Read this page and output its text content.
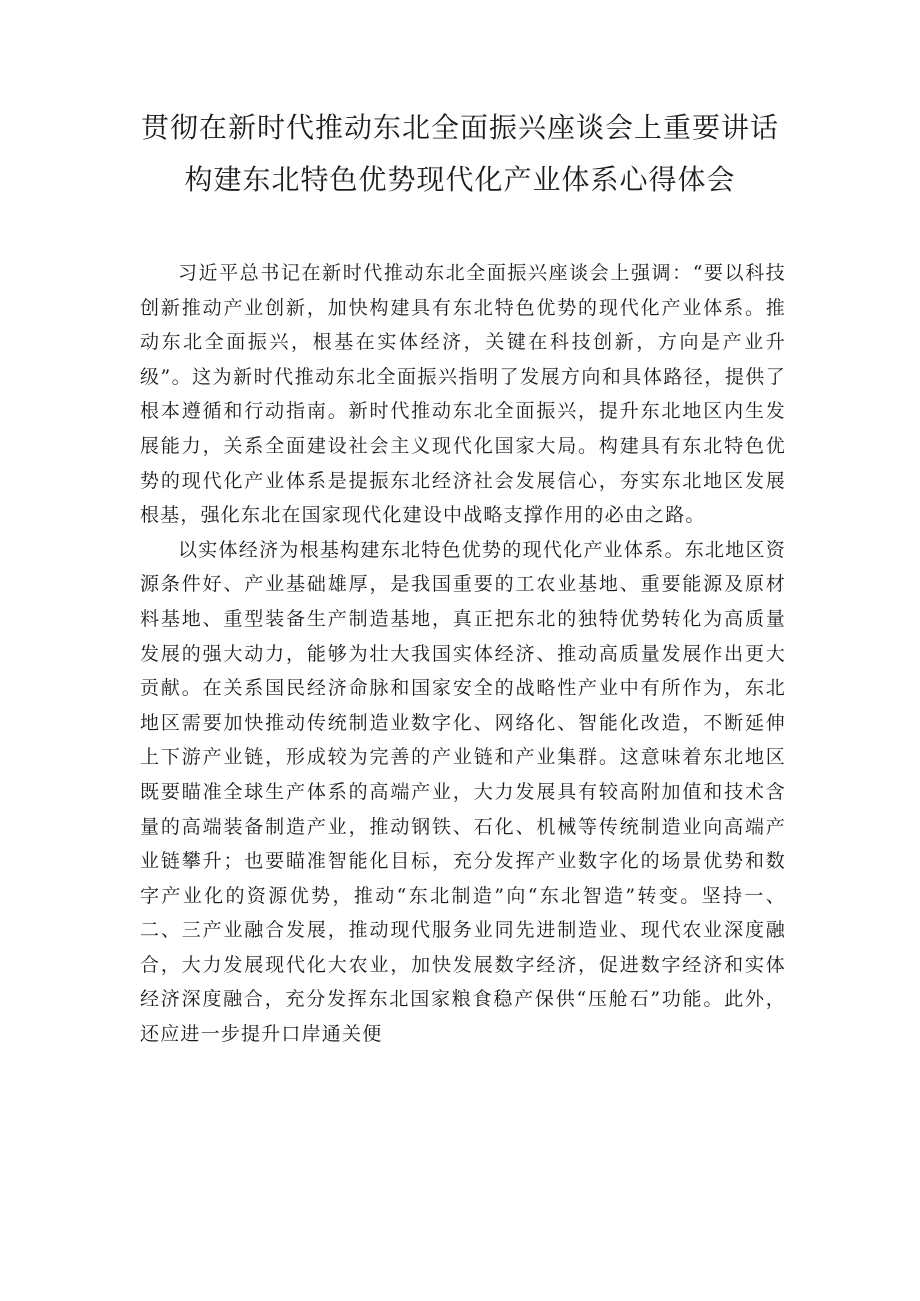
贯彻在新时代推动东北全面振兴座谈会上重要讲话
构建东北特色优势现代化产业体系心得体会

习近平总书记在新时代推动东北全面振兴座谈会上强调：“要以科技创新推动产业创新，加快构建具有东北特色优势的现代化产业体系。推动东北全面振兴，根基在实体经济，关键在科技创新，方向是产业升级”。这为新时代推动东北全面振兴指明了发展方向和具体路径，提供了根本遵循和行动指南。新时代推动东北全面振兴，提升东北地区内生发展能力，关系全面建设社会主义现代化国家大局。构建具有东北特色优势的现代化产业体系是提振东北经济社会发展信心，夯实东北地区发展根基，强化东北在国家现代化建设中战略支撑作用的必由之路。

以实体经济为根基构建东北特色优势的现代化产业体系。东北地区资源条件好、产业基础雄厚，是我国重要的工农业基地、重要能源及原材料基地、重型装备生产制造基地，真正把东北的独特优势转化为高质量发展的强大动力，能够为壮大我国实体经济、推动高质量发展作出更大贡献。在关系国民经济命脉和国家安全的战略性产业中有所作为，东北地区需要加快推动传统制造业数字化、网络化、智能化改造，不断延伸上下游产业链，形成较为完善的产业链和产业集群。这意味着东北地区既要瞄准全球生产体系的高端产业，大力发展具有较高附加值和技术含量的高端装备制造产业，推动钢铁、石化、机械等传统制造业向高端产业链攀升；也要瞄准智能化目标，充分发挥产业数字化的场景优势和数字产业化的资源优势，推动“东北制造”向“东北智造”转变。坚持一、二、三产业融合发展，推动现代服务业同先进制造业、现代农业深度融合，大力发展现代化大农业，加快发展数字经济，促进数字经济和实体经济深度融合，充分发挥东北国家粮食稳产保供“压舱石”功能。此外，还应进一步提升口岸通关便
